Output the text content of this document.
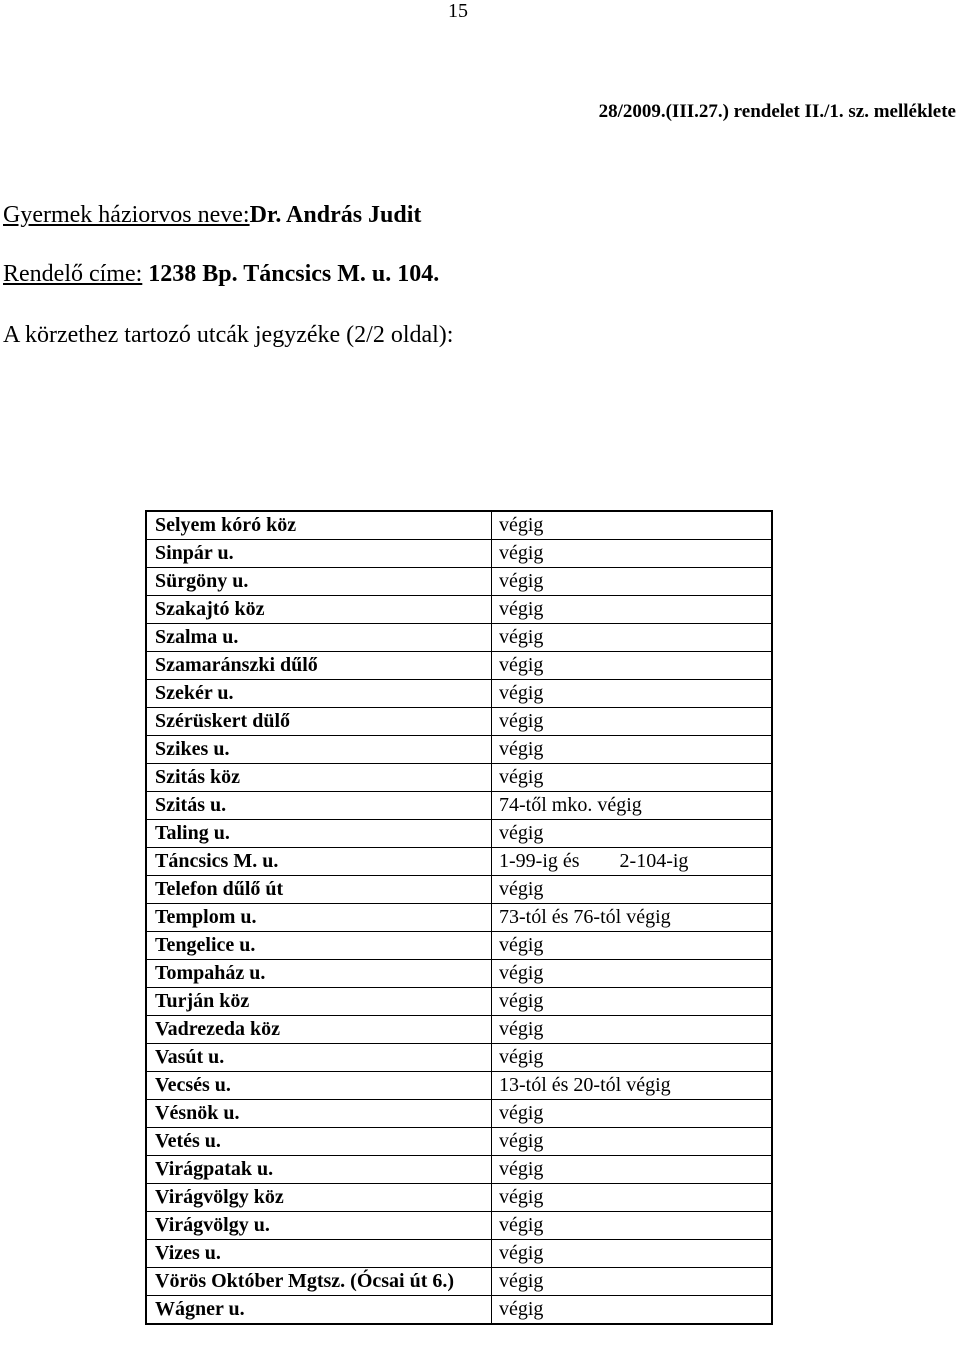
15
28/2009.(III.27.) rendelet II./1. sz. melléklete
Gyermek háziorvos neve:Dr. András Judit
Rendelő címe: 1238 Bp. Táncsics M. u. 104.
A körzethez tartozó utcák jegyzéke (2/2 oldal):
Selyem kóró köz	végig
Sinpár u.	végig
Sürgöny u.	végig
Szakajtó köz	végig
Szalma u.	végig
Szamaránszki dűlő	végig
Szekér u.	végig
Szérüskert dülő	végig
Szikes u.	végig
Szitás köz	végig
Szitás u.	74-től mko. végig
Taling u.	végig
Táncsics M. u.	1-99-ig és        2-104-ig
Telefon dűlő út	végig
Templom u.	73-tól és 76-tól végig
Tengelice u.	végig
Tompaház u.	végig
Turján köz	végig
Vadrezeda köz	végig
Vasút u.	végig
Vecsés u.	13-tól és 20-tól végig
Vésnök u.	végig
Vetés u.	végig
Virágpatak u.	végig
Virágvölgy köz	végig
Virágvölgy u.	végig
Vizes u.	végig
Vörös Október Mgtsz. (Ócsai út 6.)	végig
Wágner u.	végig
